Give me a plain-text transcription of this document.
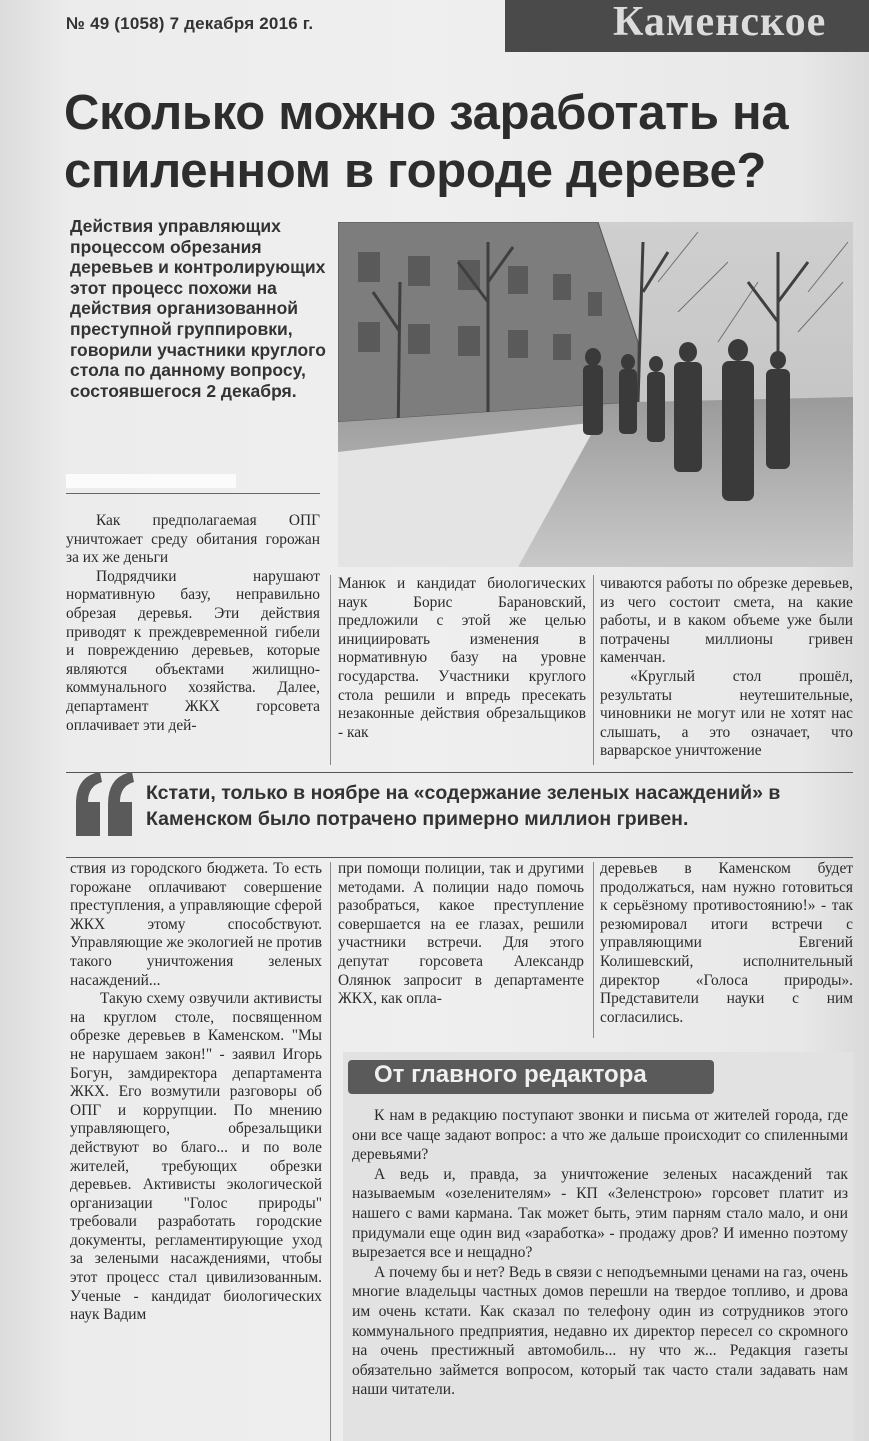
№ 49 (1058) 7 декабря 2016 г.	Каменское
Сколько можно заработать на спиленном в городе дереве?

Действия управляющих процессом обрезания деревьев и контролирующих этот процесс похожи на действия организованной преступной группировки, говорили участники круглого стола по данному вопросу, состоявшегося 2 декабря.

Как предполагаемая ОПГ уничтожает среду обитания горожан за их же деньги

Подрядчики нарушают нормативную базу, неправильно обрезая деревья. Эти действия приводят к преждевременной гибели и повреждению деревьев, которые являются объектами жилищно-коммунального хозяйства. Далее, департамент ЖКХ горсовета оплачивает эти дей-

Манюк и кандидат биологических наук Борис Барановский, предложили с этой же целью инициировать изменения в нормативную базу на уровне государства. Участники круглого стола решили и впредь пресекать незаконные действия обрезальщиков - как

чиваются работы по обрезке деревьев, из чего состоит смета, на какие работы, и в каком объеме уже были потрачены миллионы гривен каменчан.

«Круглый стол прошёл, результаты неутешительные, чиновники не могут или не хотят нас слышать, а это означает, что варварское уничтожение

Кстати, только в ноябре на «содержание зеленых насаждений» в Каменском было потрачено примерно миллион гривен.

ствия из городского бюджета. То есть горожане оплачивают совершение преступления, а управляющие сферой ЖКХ этому способствуют. Управляющие же экологией не против такого уничтожения зеленых насаждений...

Такую схему озвучили активисты на круглом столе, посвященном обрезке деревьев в Каменском. "Мы не нарушаем закон!" - заявил Игорь Богун, замдиректора департамента ЖКХ. Его возмутили разговоры об ОПГ и коррупции. По мнению управляющего, обрезальщики действуют во благо... и по воле жителей, требующих обрезки деревьев. Активисты экологической организации "Голос природы" требовали разработать городские документы, регламентирующие уход за зелеными насаждениями, чтобы этот процесс стал цивилизованным. Ученые - кандидат биологических наук Вадим

при помощи полиции, так и другими методами. А полиции надо помочь разобраться, какое преступление совершается на ее глазах, решили участники встречи. Для этого депутат горсовета Александр Олянюк запросит в департаменте ЖКХ, как опла-

деревьев в Каменском будет продолжаться, нам нужно готовиться к серьёзному противостоянию!» - так резюмировал итоги встречи с управляющими Евгений Колишевский, исполнительный директор «Голоса природы». Представители науки с ним согласились.

От главного редактора

К нам в редакцию поступают звонки и письма от жителей города, где они все чаще задают вопрос: а что же дальше происходит со спиленными деревьями?

А ведь и, правда, за уничтожение зеленых насаждений так называемым «озеленителям» - КП «Зеленстрою» горсовет платит из нашего с вами кармана. Так может быть, этим парням стало мало, и они придумали еще один вид «заработка» - продажу дров? И именно поэтому вырезается все и нещадно?

А почему бы и нет? Ведь в связи с неподъемными ценами на газ, очень многие владельцы частных домов перешли на твердое топливо, и дрова им очень кстати. Как сказал по телефону один из сотрудников этого коммунального предприятия, недавно их директор пересел со скромного на очень престижный автомобиль... ну что ж... Редакция газеты обязательно займется вопросом, который так часто стали задавать нам наши читатели.
